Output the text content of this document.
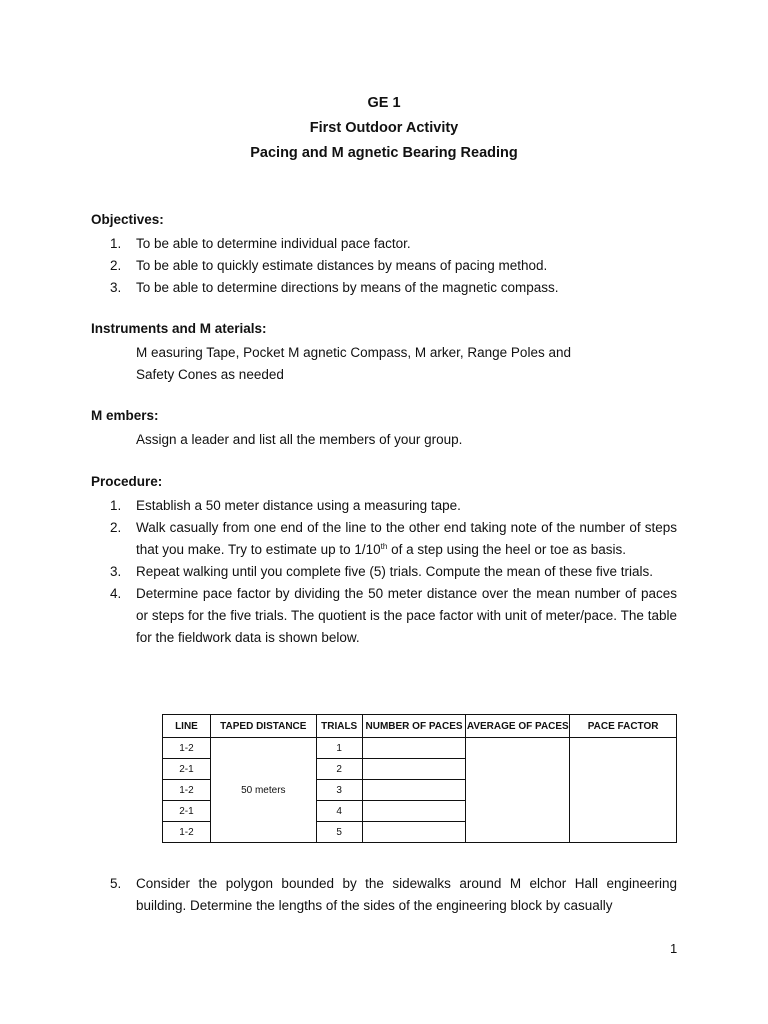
GE 1
First Outdoor Activity
Pacing and M agnetic Bearing Reading
Objectives:
1. To be able to determine individual pace factor.
2. To be able to quickly estimate distances by means of pacing method.
3. To be able to determine directions by means of the magnetic compass.
Instruments and M aterials:
M easuring Tape, Pocket M agnetic Compass, M arker, Range Poles and
Safety Cones as needed
M embers:
Assign a leader and list all the members of your group.
Procedure:
1. Establish a 50 meter distance using a measuring tape.
2. Walk casually from one end of the line to the other end taking note of the number of steps that you make. Try to estimate up to 1/10th of a step using the heel or toe as basis.
3. Repeat walking until you complete five (5) trials. Compute the mean of these five trials.
4. Determine pace factor by dividing the 50 meter distance over the mean number of paces or steps for the five trials. The quotient is the pace factor with unit of meter/pace. The table for the fieldwork data is shown below.
LINE	TAPED DISTANCE	TRIALS	NUMBER OF PACES	AVERAGE OF PACES	PACE FACTOR
1-2	50 meters	1			
2-1		2			
1-2		3			
2-1		4			
1-2		5			
5. Consider the polygon bounded by the sidewalks around M elchor Hall engineering building. Determine the lengths of the sides of the engineering block by casually
1
